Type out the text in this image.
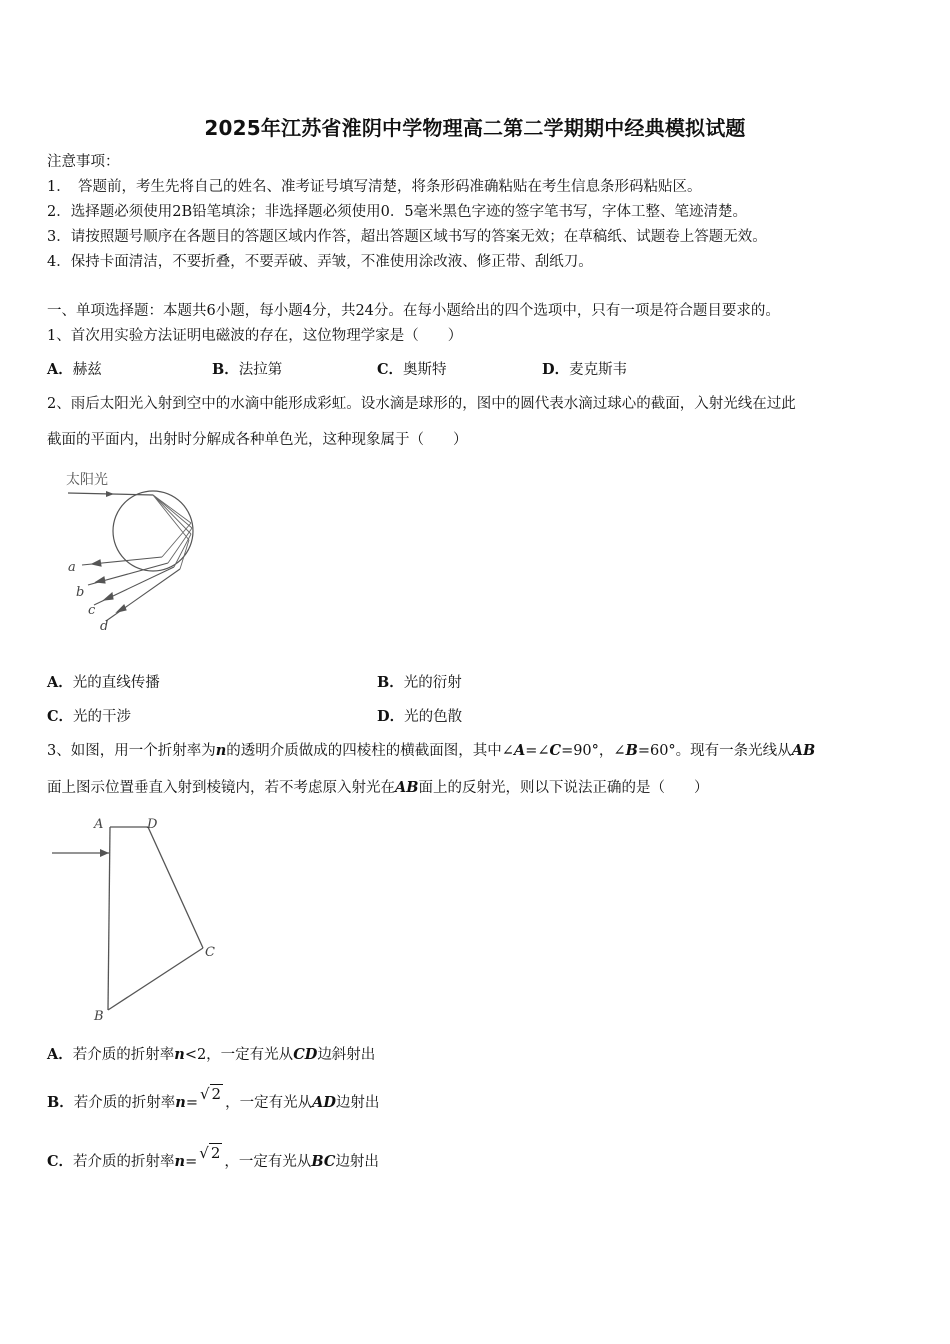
2025年江苏省淮阴中学物理高二第二学期期中经典模拟试题
注意事项：
1．　答题前，考生先将自己的姓名、准考证号填写清楚，将条形码准确粘贴在考生信息条形码粘贴区。
2．选择题必须使用2B铅笔填涂；非选择题必须使用0．5毫米黑色字迹的签字笔书写，字体工整、笔迹清楚。
3．请按照题号顺序在各题目的答题区域内作答，超出答题区域书写的答案无效；在草稿纸、试题卷上答题无效。
4．保持卡面清洁，不要折叠，不要弄破、弄皱，不准使用涂改液、修正带、刮纸刀。
一、单项选择题：本题共6小题，每小题4分，共24分。在每小题给出的四个选项中，只有一项是符合题目要求的。
1、首次用实验方法证明电磁波的存在，这位物理学家是（　　）
A．赫兹	B．法拉第	C．奥斯特	D．麦克斯韦
2、雨后太阳光入射到空中的水滴中能形成彩虹。设水滴是球形的，图中的圆代表水滴过球心的截面，入射光线在过此
截面的平面内，出射时分解成各种单色光，这种现象属于（　　）
太阳光
a
b
c
d
A．光的直线传播	B．光的衍射
C．光的干涉	D．光的色散
3、如图，用一个折射率为n的透明介质做成的四棱柱的横截面图，其中∠A=∠C=90°，∠B=60°。现有一条光线从AB
面上图示位置垂直入射到棱镜内，若不考虑原入射光在AB面上的反射光，则以下说法正确的是（　　）
A	D
C
B
A．若介质的折射率n<2，一定有光从CD边斜射出
B．若介质的折射率n= √ 2 ，一定有光从AD边射出
C．若介质的折射率n= √ 2 ，一定有光从BC边射出
